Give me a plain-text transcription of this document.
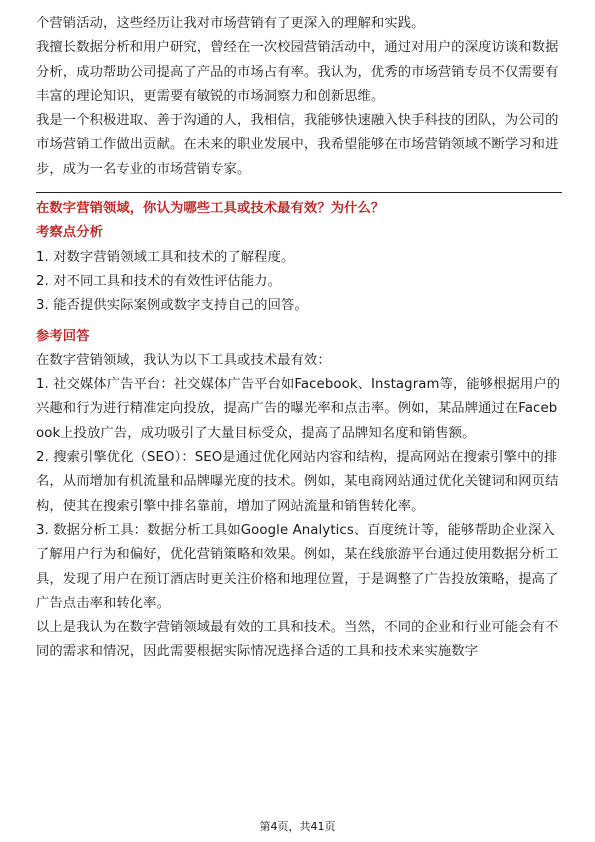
个营销活动，这些经历让我对市场营销有了更深入的理解和实践。

我擅长数据分析和用户研究，曾经在一次校园营销活动中，通过对用户的深度访谈和数据分析，成功帮助公司提高了产品的市场占有率。我认为，优秀的市场营销专员不仅需要有丰富的理论知识，更需要有敏锐的市场洞察力和创新思维。

我是一个积极进取、善于沟通的人，我相信，我能够快速融入快手科技的团队，为公司的市场营销工作做出贡献。在未来的职业发展中，我希望能够在市场营销领域不断学习和进步，成为一名专业的市场营销专家。

在数字营销领域，你认为哪些工具或技术最有效？为什么？

考察点分析

1. 对数字营销领域工具和技术的了解程度。

2. 对不同工具和技术的有效性评估能力。

3. 能否提供实际案例或数字支持自己的回答。

参考回答

在数字营销领域，我认为以下工具或技术最有效：

1. 社交媒体广告平台：社交媒体广告平台如Facebook、Instagram等，能够根据用户的兴趣和行为进行精准定向投放，提高广告的曝光率和点击率。例如，某品牌通过在Facebook上投放广告，成功吸引了大量目标受众，提高了品牌知名度和销售额。

2. 搜索引擎优化（SEO）：SEO是通过优化网站内容和结构，提高网站在搜索引擎中的排名，从而增加有机流量和品牌曝光度的技术。例如，某电商网站通过优化关键词和网页结构，使其在搜索引擎中排名靠前，增加了网站流量和销售转化率。

3. 数据分析工具：数据分析工具如Google Analytics、百度统计等，能够帮助企业深入了解用户行为和偏好，优化营销策略和效果。例如，某在线旅游平台通过使用数据分析工具，发现了用户在预订酒店时更关注价格和地理位置，于是调整了广告投放策略，提高了广告点击率和转化率。

以上是我认为在数字营销领域最有效的工具和技术。当然，不同的企业和行业可能会有不同的需求和情况，因此需要根据实际情况选择合适的工具和技术来实施数字

第4页，共41页
